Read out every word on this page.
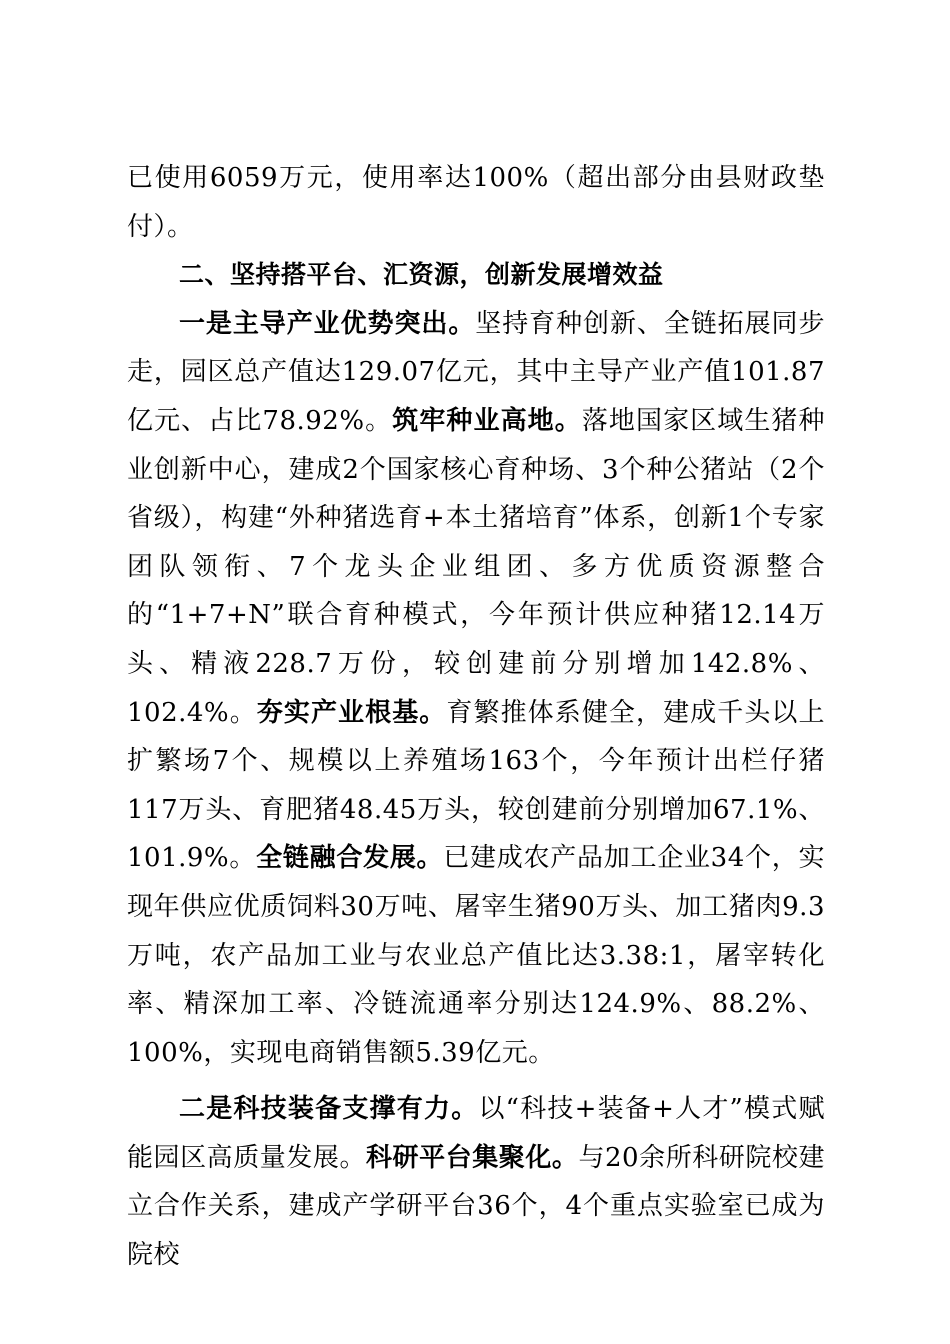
已使用6059万元，使用率达100%（超出部分由县财政垫付）。

二、坚持搭平台、汇资源，创新发展增效益

一是主导产业优势突出。坚持育种创新、全链拓展同步走，园区总产值达129.07亿元，其中主导产业产值101.87亿元、占比78.92%。筑牢种业高地。落地国家区域生猪种业创新中心，建成2个国家核心育种场、3个种公猪站（2个省级），构建“外种猪选育+本土猪培育”体系，创新1个专家团队领衔、7个龙头企业组团、多方优质资源整合的“1+7+N”联合育种模式，今年预计供应种猪12.14万头、精液228.7万份，较创建前分别增加142.8%、102.4%。夯实产业根基。育繁推体系健全，建成千头以上扩繁场7个、规模以上养殖场163个，今年预计出栏仔猪117万头、育肥猪48.45万头，较创建前分别增加67.1%、101.9%。全链融合发展。已建成农产品加工企业34个，实现年供应优质饲料30万吨、屠宰生猪90万头、加工猪肉9.3万吨，农产品加工业与农业总产值比达3.38:1，屠宰转化率、精深加工率、冷链流通率分别达124.9%、88.2%、100%，实现电商销售额5.39亿元。

二是科技装备支撑有力。以“科技+装备+人才”模式赋能园区高质量发展。科研平台集聚化。与20余所科研院校建立合作关系，建成产学研平台36个，4个重点实验室已成为院校
